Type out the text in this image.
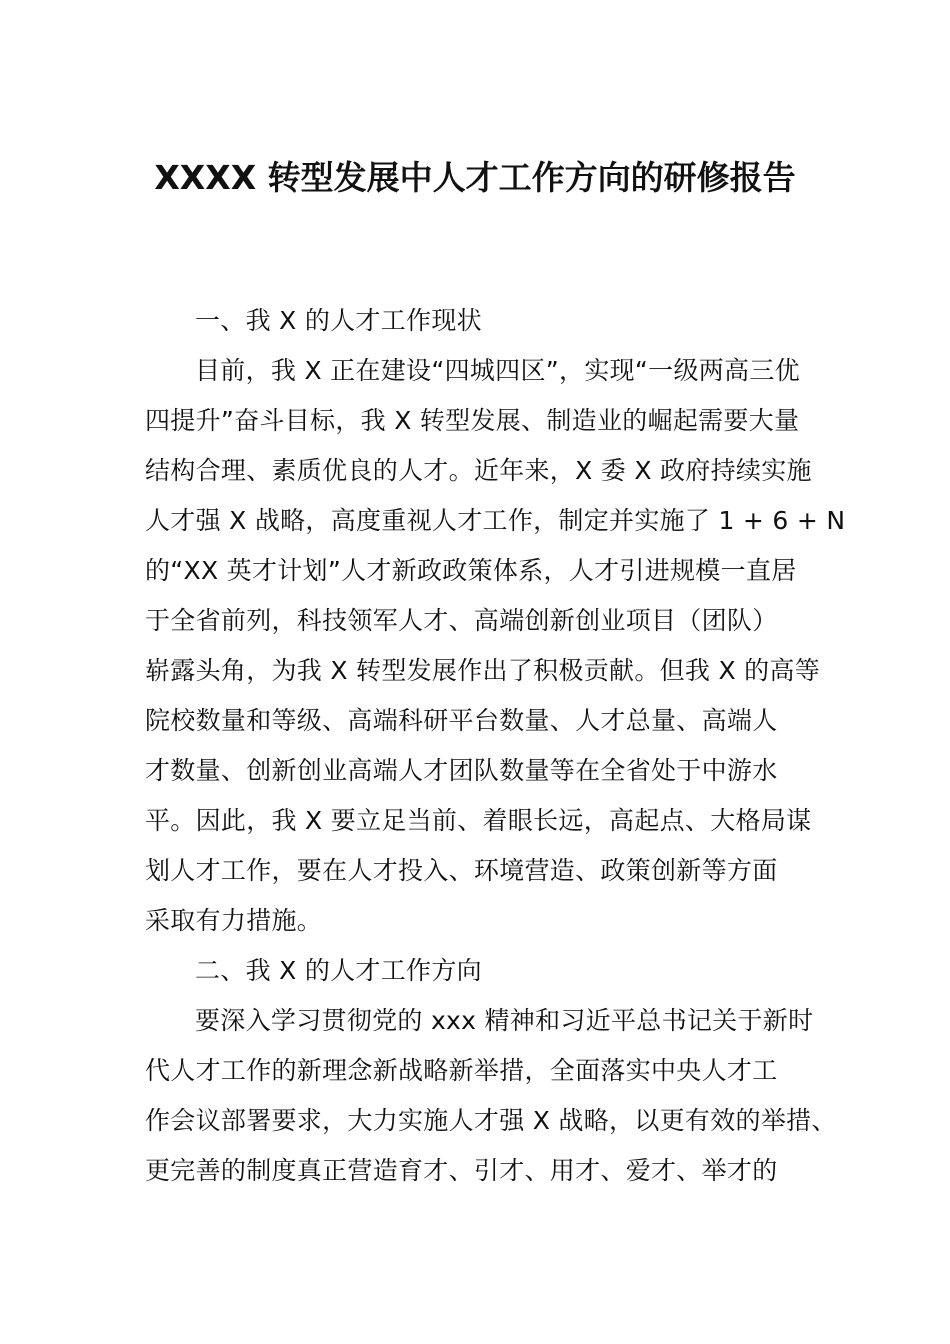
XXXX 转型发展中人才工作方向的研修报告
一、我 X 的人才工作现状
目前，我 X 正在建设“四城四区”，实现“一级两高三优
四提升”奋斗目标，我 X 转型发展、制造业的崛起需要大量
结构合理、素质优良的人才。近年来，X 委 X 政府持续实施
人才强 X 战略，高度重视人才工作，制定并实施了 1 + 6 + N
的“XX 英才计划”人才新政政策体系，人才引进规模一直居
于全省前列，科技领军人才、高端创新创业项目（团队）
崭露头角，为我 X 转型发展作出了积极贡献。但我 X 的高等
院校数量和等级、高端科研平台数量、人才总量、高端人
才数量、创新创业高端人才团队数量等在全省处于中游水
平。因此，我 X 要立足当前、着眼长远，高起点、大格局谋
划人才工作，要在人才投入、环境营造、政策创新等方面
采取有力措施。
二、我 X 的人才工作方向
要深入学习贯彻党的 xxx 精神和习近平总书记关于新时
代人才工作的新理念新战略新举措，全面落实中央人才工
作会议部署要求，大力实施人才强 X 战略，以更有效的举措、
更完善的制度真正营造育才、引才、用才、爱才、举才的
